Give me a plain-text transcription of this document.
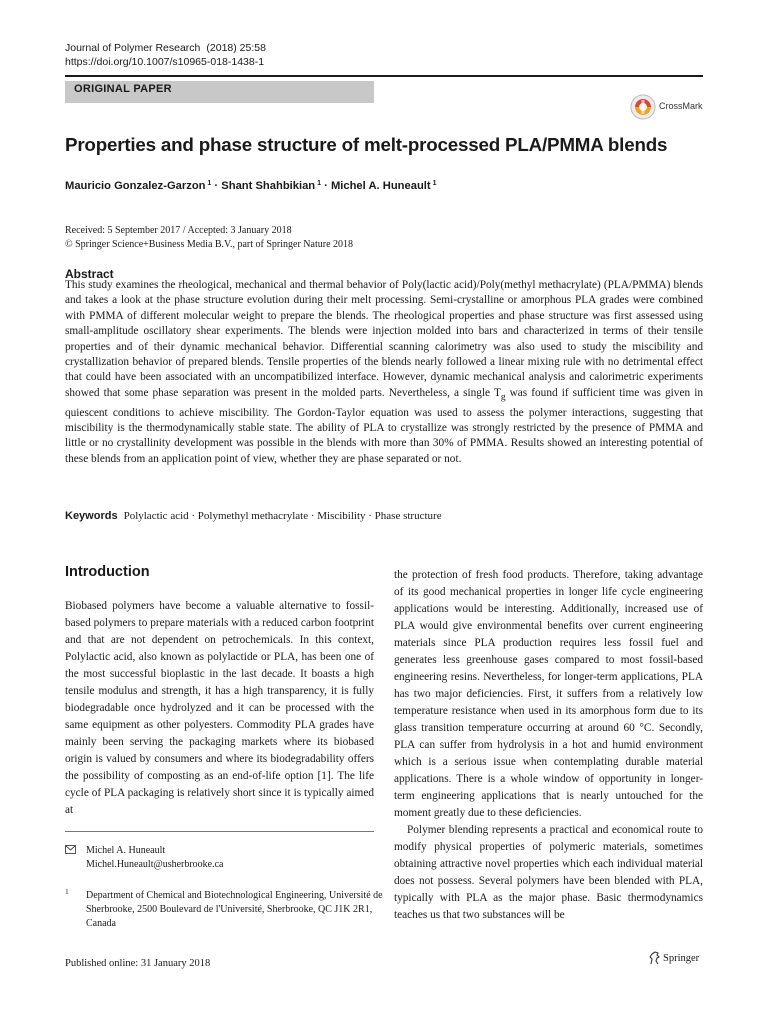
Journal of Polymer Research (2018) 25:58
https://doi.org/10.1007/s10965-018-1438-1
ORIGINAL PAPER
CrossMark
Properties and phase structure of melt-processed PLA/PMMA blends
Mauricio Gonzalez-Garzon $^1$ · Shant Shahbikian $^1$ · Michel A. Huneault $^1$
Received: 5 September 2017 / Accepted: 3 January 2018
© Springer Science+Business Media B.V., part of Springer Nature 2018
Abstract
This study examines the rheological, mechanical and thermal behavior of Poly(lactic acid)/Poly(methyl methacrylate) (PLA/PMMA) blends and takes a look at the phase structure evolution during their melt processing. Semi-crystalline or amorphous PLA grades were combined with PMMA of different molecular weight to prepare the blends. The rheological properties and phase structure was first assessed using small-amplitude oscillatory shear experiments. The blends were injection molded into bars and characterized in terms of their tensile properties and of their dynamic mechanical behavior. Differential scanning calorimetry was also used to study the miscibility and crystallization behavior of prepared blends. Tensile properties of the blends nearly followed a linear mixing rule with no detrimental effect that could have been associated with an uncompatibilized interface. However, dynamic mechanical analysis and calorimetric experiments showed that some phase separation was present in the molded parts. Nevertheless, a single $T_g$ was found if sufficient time was given in quiescent conditions to achieve miscibility. The Gordon-Taylor equation was used to assess the polymer interactions, suggesting that miscibility is the thermodynamically stable state. The ability of PLA to crystallize was strongly restricted by the presence of PMMA and little or no crystallinity development was possible in the blends with more than 30% of PMMA. Results showed an interesting potential of these blends from an application point of view, whether they are phase separated or not.
Keywords Polylactic acid · Polymethyl methacrylate · Miscibility · Phase structure
Introduction

Biobased polymers have become a valuable alternative to fossil-based polymers to prepare materials with a reduced carbon footprint and that are not dependent on petrochemicals. In this context, Polylactic acid, also known as polylactide or PLA, has been one of the most successful bioplastic in the last decade. It boasts a high tensile modulus and strength, it has a high transparency, it is fully biodegradable once hydrolyzed and it can be processed with the same equipment as other polyesters. Commodity PLA grades have mainly been serving the packaging markets where its biobased origin is valued by consumers and where its biodegradability offers the possibility of composting as an end-of-life option [1]. The life cycle of PLA packaging is relatively short since it is typically aimed at

the protection of fresh food products. Therefore, taking advantage of its good mechanical properties in longer life cycle engineering applications would be interesting. Additionally, increased use of PLA would give environmental benefits over current engineering materials since PLA production requires less fossil fuel and generates less greenhouse gases compared to most fossil-based engineering resins. Nevertheless, for longer-term applications, PLA has two major deficiencies. First, it suffers from a relatively low temperature resistance when used in its amorphous form due to its glass transition temperature occurring at around 60 °C. Secondly, PLA can suffer from hydrolysis in a hot and humid environment which is a serious issue when contemplating durable material applications. There is a whole window of opportunity in longer-term engineering applications that is nearly untouched for the moment greatly due to these deficiencies.

Polymer blending represents a practical and economical route to modify physical properties of polymeric materials, sometimes obtaining attractive novel properties which each individual material does not possess. Several polymers have been blended with PLA, typically with PLA as the major phase. Basic thermodynamics teaches us that two substances will be

Michel A. Huneault
Michel.Huneault@usherbrooke.ca
1 Department of Chemical and Biotechnological Engineering, Université de Sherbrooke, 2500 Boulevard de l'Université, Sherbrooke, QC J1K 2R1, Canada
Published online: 31 January 2018	Springer
